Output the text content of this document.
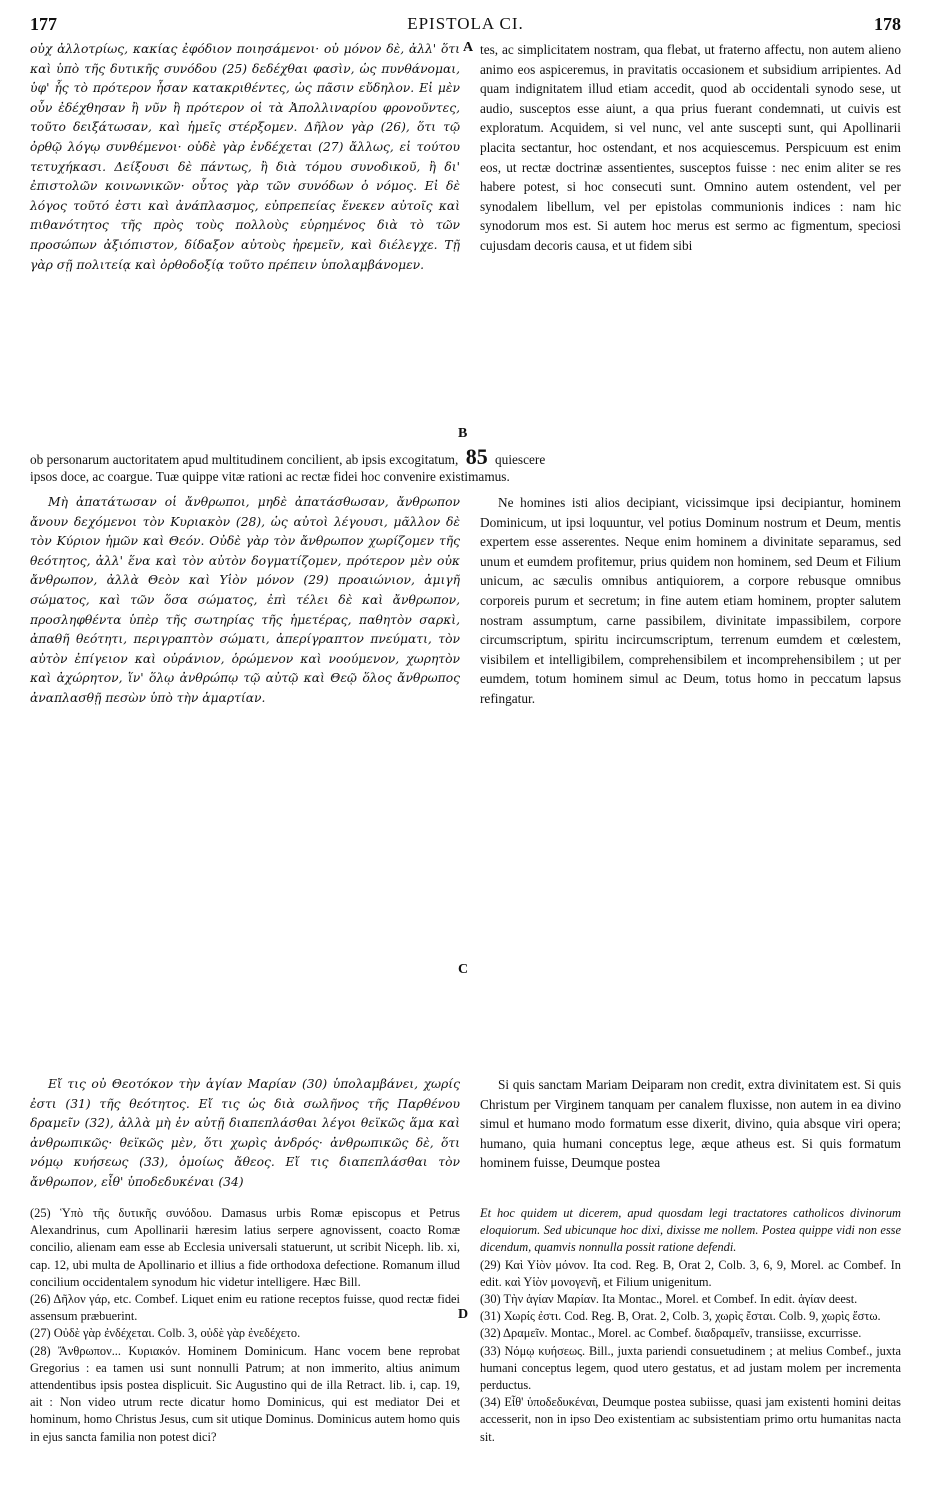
177	EPISTOLA CI.	178
οὐχ ἀλλοτρίως, κακίας ἐφόδιον ποιησάμενοι· οὐ μόνον δὲ, ἀλλ' ὅτι καὶ ὑπὸ τῆς δυτικῆς συνόδου (25) δεδέχθαι φασὶν, ὡς πυνθάνομαι, ὑφ' ἧς τὸ πρότερον ἦσαν κατακριθέντες, ὡς πᾶσιν εὔδηλον. Εἰ μὲν οὖν ἐδέχθησαν ἢ νῦν ἢ πρότερον οἱ τὰ Ἀπολλιναρίου φρονοῦντες, τοῦτο δειξάτωσαν, καὶ ἡμεῖς στέρξομεν. Δῆλον γὰρ (26), ὅτι τῷ ὀρθῷ λόγῳ συνθέμενοι· οὐδὲ γὰρ ἐνδέχεται (27) ἄλλως, εἰ τούτου τετυχήκασι. Δείξουσι δὲ πάντως, ἢ διὰ τόμου συνοδικοῦ, ἢ δι' ἐπιστολῶν κοινωνικῶν· οὗτος γὰρ τῶν συνόδων ὁ νόμος. Εἰ δὲ λόγος τοῦτό ἐστι καὶ ἀνάπλασμος, εὐπρεπείας ἕνεκεν αὐτοῖς καὶ πιθανότητος τῆς πρὸς τοὺς πολλοὺς εὑρημένος διὰ τὸ τῶν προσώπων ἀξιόπιστον, δίδαξον αὐτοὺς ἠρεμεῖν, καὶ διέλεγχε. Τῇ γὰρ σῇ πολιτείᾳ καὶ ὀρθοδοξίᾳ τοῦτο πρέπειν ὑπολαμβάνομεν.
A tes, ac simplicitatem nostram, qua flebat, ut fraterno affectu, non autem alieno animo eos aspiceremus, in pravitatis occasionem et subsidium arripientes. Ad quam indignitatem illud etiam accedit, quod ab occidentali synodo sese, ut audio, susceptos esse aiunt, a qua prius fuerant condemnati, ut cuivis est exploratum. Acquidem, si vel nunc, vel ante suscepti sunt, qui Apollinarii placita sectantur, hoc ostendant, et nos acquiescemus. Perspicuum est enim eos, ut rectæ doctrinæ assentientes, susceptos fuisse : nec enim aliter se res habere potest, si hoc consecuti sunt. Omnino autem ostendent, vel per synodalem libellum, vel per epistolas communionis indices : nam hic synodorum mos est. Si autem hoc merus est sermo ac figmentum, speciosi cujusdam decoris causa, et ut fidem sibi
B
ob personarum auctoritatem apud multitudinem concilient, ab ipsis excogitatum, 85 quiescere
ipsos doce, ac coargue. Tuæ quippe vitæ rationi ac rectæ fidei hoc convenire existimamus.

Μὴ ἀπατάτωσαν οἱ ἄνθρωποι, μηδὲ ἀπατάσθωσαν, ἄνθρωπον ἄνουν δεχόμενοι τὸν Κυριακὸν (28), ὡς αὐτοὶ λέγουσι, μᾶλλον δὲ τὸν Κύριον ἡμῶν καὶ Θεόν. Οὐδὲ γὰρ τὸν ἄνθρωπον χωρίζομεν τῆς θεότητος, ἀλλ' ἕνα καὶ τὸν αὐτὸν δογματίζομεν, πρότερον μὲν οὐκ ἄνθρωπον, ἀλλὰ Θεὸν καὶ Υἱὸν μόνον (29) προαιώνιον, ἀμιγῆ σώματος, καὶ τῶν ὅσα σώματος, ἐπὶ τέλει δὲ καὶ ἄνθρωπον, προσληφθέντα ὑπὲρ τῆς σωτηρίας τῆς ἡμετέρας, παθητὸν σαρκὶ, ἀπαθῆ θεότητι, περιγραπτὸν σώματι, ἀπερίγραπτον πνεύματι, τὸν αὐτὸν ἐπίγειον καὶ οὐράνιον, ὁρώμενον καὶ νοούμενον, χωρητὸν καὶ ἀχώρητον, ἵν' ὅλῳ ἀνθρώπῳ τῷ αὐτῷ καὶ Θεῷ ὅλος ἄνθρωπος ἀναπλασθῇ πεσὼν ὑπὸ τὴν ἁμαρτίαν.

C

Ne homines isti alios decipiant, vicissimque ipsi decipiantur, hominem Dominicum, ut ipsi loquuntur, vel potius Dominum nostrum et Deum, mentis expertem esse asserentes. Neque enim hominem a divinitate separamus, sed unum et eumdem profitemur, prius quidem non hominem, sed Deum et Filium unicum, ac sæculis omnibus antiquiorem, a corpore rebusque omnibus corporeis purum et secretum; in fine autem etiam hominem, propter salutem nostram assumptum, carne passibilem, divinitate impassibilem, corpore circumscriptum, spiritu incircumscriptum, terrenum eumdem et cœlestem, visibilem et intelligibilem, comprehensibilem et incomprehensibilem ; ut per eumdem, totum hominem simul ac Deum, totus homo in peccatum lapsus refingatur.

Εἴ τις οὐ Θεοτόκον τὴν ἁγίαν Μαρίαν (30) ὑπολαμβάνει, χωρίς ἐστι (31) τῆς θεότητος. Εἴ τις ὡς διὰ σωλῆνος τῆς Παρθένου δραμεῖν (32), ἀλλὰ μὴ ἐν αὐτῇ διαπεπλάσθαι λέγοι θεϊκῶς ἅμα καὶ ἀνθρωπικῶς· θεϊκῶς μὲν, ὅτι χωρὶς ἀνδρός· ἀνθρωπικῶς δὲ, ὅτι νόμῳ κυήσεως (33), ὁμοίως ἄθεος. Εἴ τις διαπεπλάσθαι τὸν ἄνθρωπον, εἶθ' ὑποδεδυκέναι (34)

Si quis sanctam Mariam Deiparam non credit, extra divinitatem est. Si quis Christum per Virginem tanquam per canalem fluxisse, non autem in ea divino simul et humano modo formatum esse dixerit, divino, quia absque viri opera; humano, quia humani conceptus lege, æque atheus est. Si quis formatum hominem fuisse, Deumque postea

(25) Ὑπὸ τῆς δυτικῆς συνόδου. Damasus urbis Romæ episcopus et Petrus Alexandrinus, cum Apollinarii hæresim latius serpere agnovissent, coacto Romæ concilio, alienam eam esse ab Ecclesia universali statuerunt, ut scribit Niceph. lib. xi, cap. 12, ubi multa de Apollinario et illius a fide orthodoxa defectione. Romanum illud concilium occidentalem synodum hic videtur intelligere. Hæc Bill.

(26) Δῆλον γάρ, etc. Combef. Liquet enim eu ratione receptos fuisse, quod rectæ fidei assensum præbuerint.

(27) Οὐδὲ γὰρ ἐνδέχεται. Colb. 3, οὐδὲ γὰρ ἐνεδέχετο.

(28) Ἄνθρωπον... Κυριακόν. Hominem Dominicum. Hanc vocem bene reprobat Gregorius : ea tamen usi sunt nonnulli Patrum; at non immerito, altius animum attendentibus ipsis postea displicuit. Sic Augustino qui de illa Retract. lib. i, cap. 19, ait : Non video utrum recte dicatur homo Dominicus, qui est mediator Dei et hominum, homo Christus Jesus, cum sit utique Dominus. Dominicus autem homo quis in ejus sancta familia non potest dici?

D

Et hoc quidem ut dicerem, apud quosdam legi tractatores catholicos divinorum eloquiorum. Sed ubicunque hoc dixi, dixisse me nollem. Postea quippe vidi non esse dicendum, quamvis nonnulla possit ratione defendi.

(29) Καὶ Υἱὸν μόνον. Ita cod. Reg. B, Orat 2, Colb. 3, 6, 9, Morel. ac Combef. In edit. καὶ Υἱὸν μονογενῆ, et Filium unigenitum.

(30) Τὴν ἁγίαν Μαρίαν. Ita Montac., Morel. et Combef. In edit. ἁγίαν deest.

(31) Χωρίς ἐστι. Cod. Reg. B, Orat. 2, Colb. 3, χωρὶς ἔσται. Colb. 9, χωρὶς ἔστω.

(32) Δραμεῖν. Montac., Morel. ac Combef. διαδραμεῖν, transiisse, excurrisse.

(33) Νόμῳ κυήσεως. Bill., juxta pariendi consuetudinem ; at melius Combef., juxta humani conceptus legem, quod utero gestatus, et ad justam molem per incrementa perductus.

(34) Εἶθ' ὑποδεδυκέναι, Deumque postea subiisse, quasi jam existenti homini deitas accesserit, non in ipso Deo existentiam ac subsistentiam primo ortu humanitas nacta sit.
